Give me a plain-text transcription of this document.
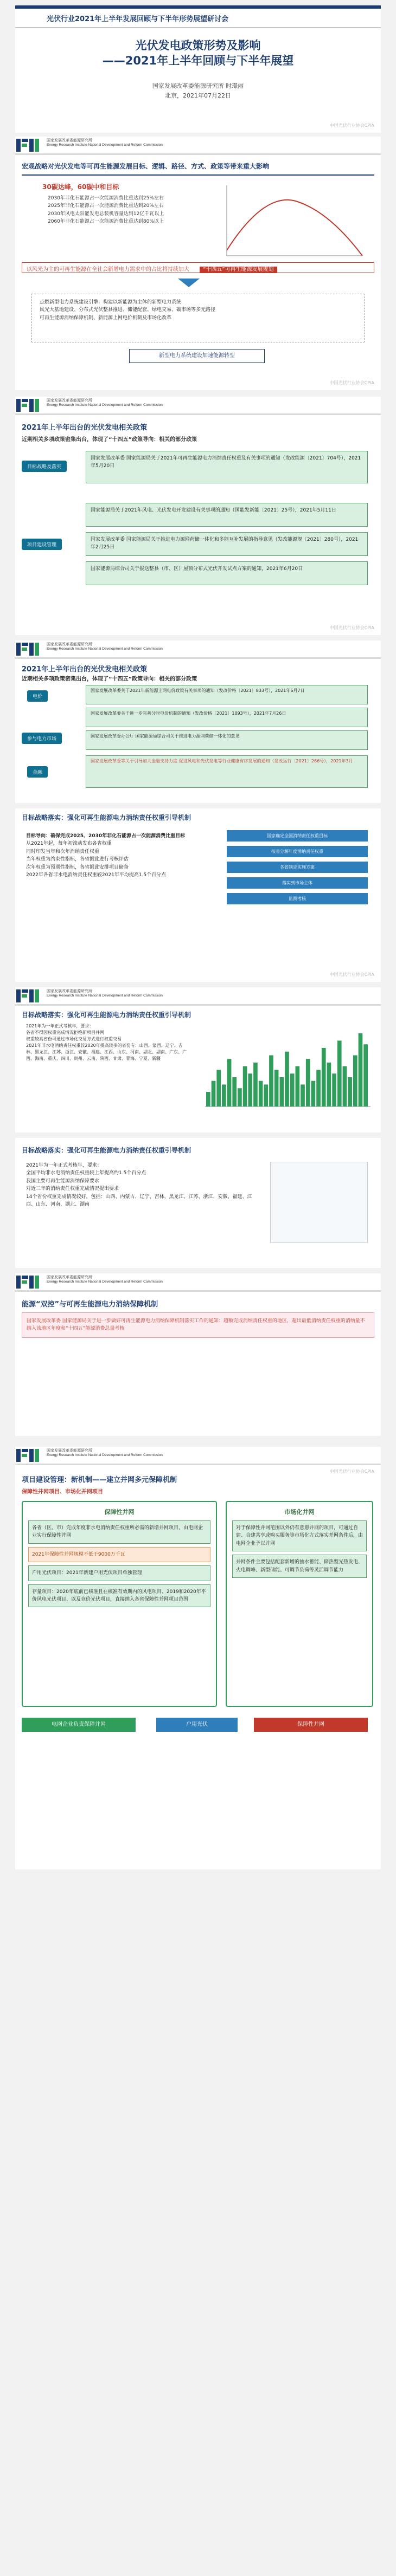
光伏行业2021年上半年发展回顾与下半年形势展望研讨会
光伏发电政策形势及影响
——2021年上半年回顾与下半年展望
国家发展改革委能源研究所 时璟丽
北京，2021年07月22日
中国光伏行业协会CPIA
国家发展改革委能源研究所
Energy Research Institute National Development and Reform Commission
宏观战略对光伏发电等可再生能源发展目标、逻辑、路径、方式、政策等带来重大影响
30碳达峰，60碳中和目标
2030年非化石能源占一次能源消费比重达到25%左右
2025年非化石能源占一次能源消费比重达到20%左右
2030年风电太阳能发电总装机容量达到12亿千瓦以上
2060年非化石能源占一次能源消费比重达到80%以上
以风光为主的可再生能源在全社会新增电力需求中的占比将持续加大	“十四五”可再生能源发展规划
点燃新型电力系统建设引擎：构建以新能源为主体的新型电力系统
风光大基地建设、分布式光伏整县推进、储能配套、绿电交易、碳市场等多元路径
可再生能源消纳保障机制、新能源上网电价机制及市场化改革
新型电力系统建设加速能源转型
中国光伏行业协会CPIA
国家发展改革委能源研究所
Energy Research Institute National Development and Reform Commission
2021年上半年出台的光伏发电相关政策
近期相关多项政策密集出台，体现了“十四五”政策导向：相关的部分政策
目标战略及落实
项目建设管理
国家发展改革委 国家能源局关于2021年可再生能源电力消纳责任权重及有关事项的通知（发改能源〔2021〕704号），2021年5月20日
国家能源局关于2021年风电、光伏发电开发建设有关事项的通知（国能发新能〔2021〕25号），2021年5月11日
国家发展改革委 国家能源局关于推进电力源网荷储一体化和多能互补发展的指导意见（发改能源规〔2021〕280号），2021年2月25日
国家能源局综合司关于报送整县（市、区）屋顶分布式光伏开发试点方案的通知，2021年6月20日
中国光伏行业协会CPIA
国家发展改革委能源研究所
Energy Research Institute National Development and Reform Commission
2021年上半年出台的光伏发电相关政策
近期相关多项政策密集出台，体现了“十四五”政策导向：相关的部分政策
电价
参与电力市场
金融
国家发展改革委关于2021年新能源上网电价政策有关事项的通知（发改价格〔2021〕833号），2021年6月7日
国家发展改革委关于进一步完善分时电价机制的通知（发改价格〔2021〕1093号），2021年7月26日
国家发展改革委办公厅 国家能源局综合司关于推进电力源网荷储一体化的意见
国家发展改革委等关于引导加大金融支持力度 促进风电和光伏发电等行业健康有序发展的通知（发改运行〔2021〕266号），2021年3月
目标战略落实：强化可再生能源电力消纳责任权重引导机制
目标导向：确保完成2025、2030年非化石能源占一次能源消费比重目标
从2021年起，每年初滚动发布各省权重
同时印发当年和次年消纳责任权重
当年权重为约束性指标，各省据此进行考核评估
次年权重为预期性指标，各省据此安排项目储备
2022年各省非水电消纳责任权重较2021年平均提高1.5个百分点
国家确定全国消纳责任权重目标
按省分解年度消纳责任权重
各省制定实施方案
落实到市场主体
监测考核
中国光伏行业协会CPIA
国家发展改革委能源研究所
Energy Research Institute National Development and Reform Commission
目标战略落实：强化可再生能源电力消纳责任权重引导机制
2021年为一年正式考核年，要求：
各省不得因权重完成情况拒绝新项目并网
权重较高省份可通过市场化交易方式进行权重交易
2021年非水电消纳责任权重较2020年提高较多的省份有：山西、蒙西、辽宁、吉林、黑龙江、江苏、浙江、安徽、福建、江西、山东、河南、湖北、湖南、广东、广西、海南、重庆、四川、贵州、云南、陕西、甘肃、青海、宁夏、新疆
目标战略落实：强化可再生能源电力消纳责任权重引导机制
2021年为一年正式考核年，要求：
全国平均非水电消纳责任权重较上年提高约1.5个百分点
我国主要可再生能源消纳保障要求
对近三年的消纳责任权重完成情况提出要求
14个省份权重完成情况较好，包括：山西、内蒙古、辽宁、吉林、黑龙江、江苏、浙江、安徽、福建、江西、山东、河南、湖北、湖南
国家发展改革委能源研究所
Energy Research Institute National Development and Reform Commission
能源“双控”与可再生能源电力消纳保障机制
国家发展改革委 国家能源局关于进一步做好可再生能源电力消纳保障机制落实工作的通知：超额完成消纳责任权重的地区，超出最低消纳责任权重的消纳量不纳入该地区年度和“十四五”能源消费总量考核
国家发展改革委能源研究所
Energy Research Institute National Development and Reform Commission
项目建设管理：新机制——建立并网多元保障机制
保障性并网项目、市场化并网项目
保障性并网
各省（区、市）完成年度非水电消纳责任权重所必需的新增并网项目，由电网企业实行保障性并网
2021年保障性并网规模不低于9000万千瓦
户用光伏项目：2021年新建户用光伏项目单独管理
存量项目：2020年底前已核准且在核准有效期内的风电项目、2019和2020年平价风电光伏项目、以及竞价光伏项目，直接纳入各省保障性并网项目范围
市场化并网
对于保障性并网范围以外仍有意愿并网的项目，可通过自建、合建共享或购买服务等市场化方式落实并网条件后，由电网企业予以并网
并网条件主要包括配套新增的抽水蓄能、储热型光热发电、火电调峰、新型储能、可调节负荷等灵活调节能力
电网企业负责保障并网	户用光伏	保障性并网
中国光伏行业协会CPIA
